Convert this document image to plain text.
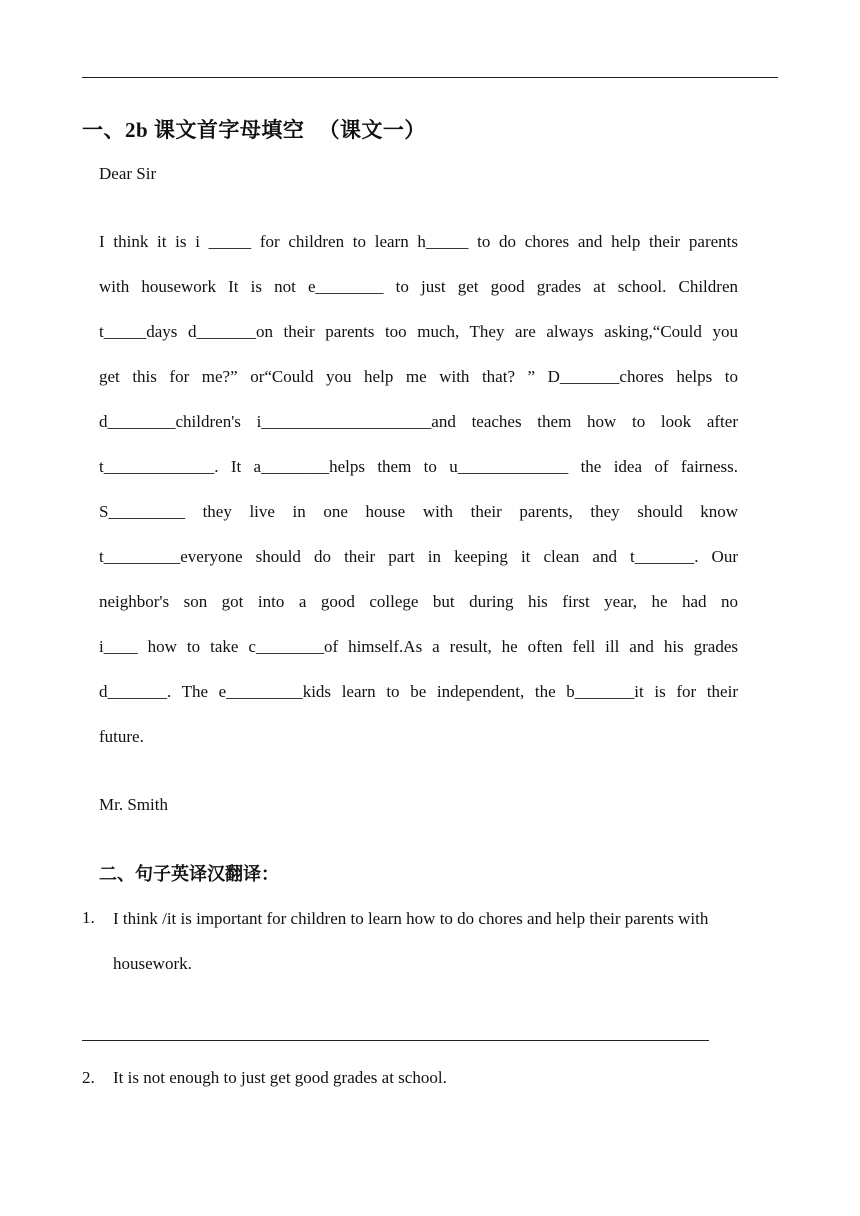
一、2b 课文首字母填空 （课文一）
Dear Sir
I think it is i _____ for children to learn h_____ to do chores and help their parents
with housework It is not e________ to just get good grades at school. Children
t_____days d_______on their parents too much, They are always asking,“Could you
get this for me?” or“Could you help me with that? ” D_______chores helps to
d________children's i____________________and teaches them how to look after
t_____________. It a________helps them to u_____________ the idea of fairness.
S_________ they live in one house with their parents, they should know
t_________everyone should do their part in keeping it clean and t_______. Our
neighbor's son got into a good college but during his first year, he had no
i____ how to take c________of himself.As a result, he often fell ill and his grades
d_______. The e_________kids learn to be independent, the b_______it is for their
future.
Mr. Smith
二、句子英译汉翻译：
1. I think /it is important for children to learn how to do chores and help their parents with housework.
2. It is not enough to just get good grades at school.
